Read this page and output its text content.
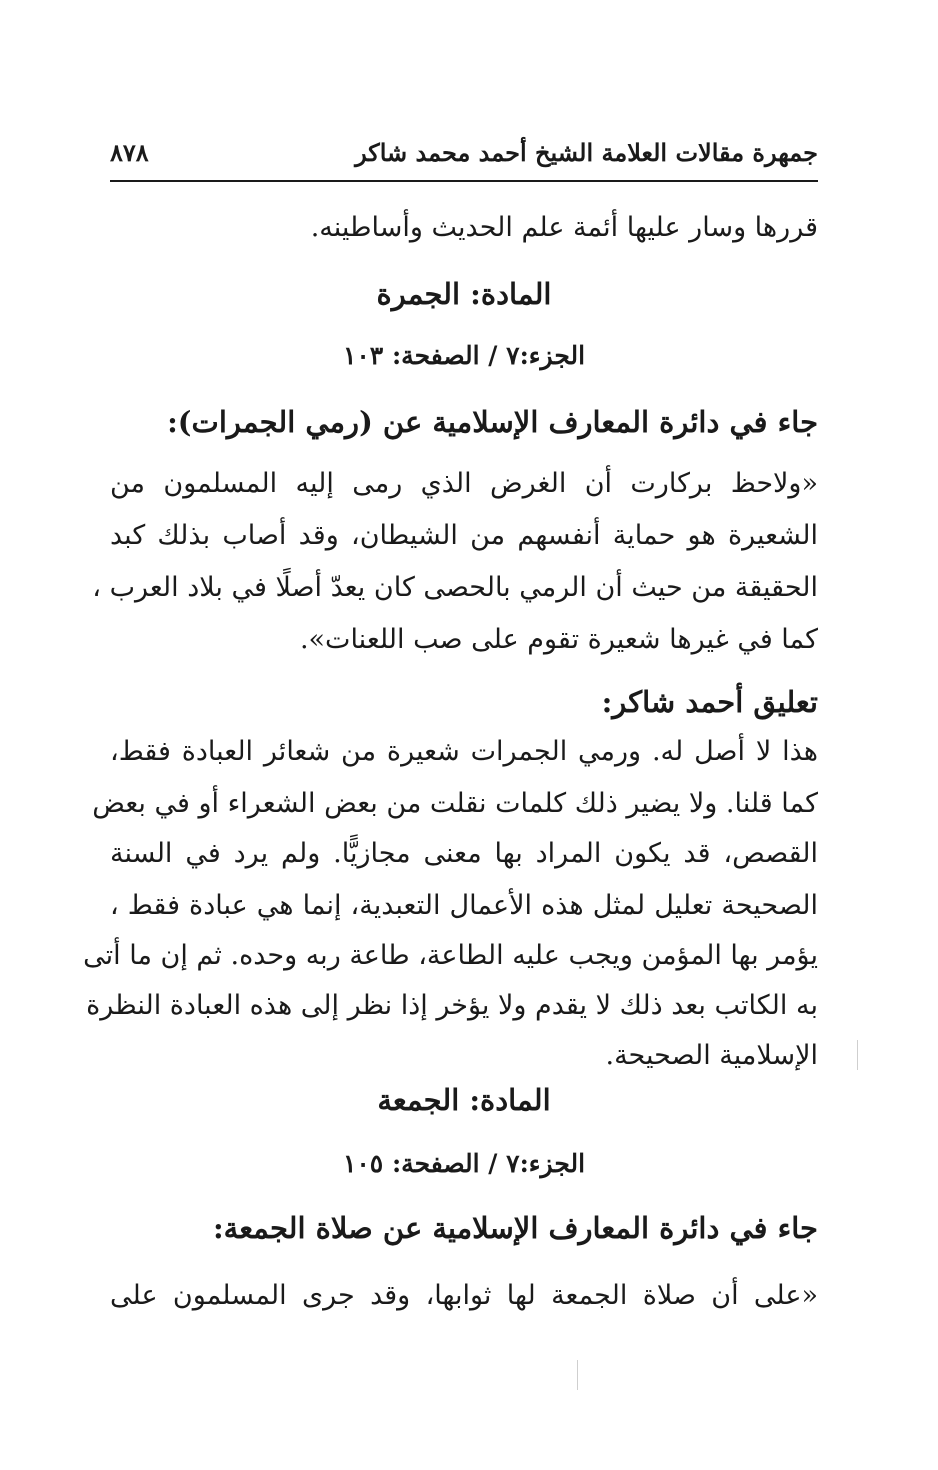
جمهرة مقالات العلامة الشيخ أحمد محمد شاكر
٨٧٨
قررها وسار عليها أئمة علم الحديث وأساطينه.
المادة: الجمرة
الجزء:٧ / الصفحة: ١٠٣
جاء في دائرة المعارف الإسلامية عن (رمي الجمرات):
«ولاحظ بركارت أن الغرض الذي رمى إليه المسلمون من
الشعيرة هو حماية أنفسهم من الشيطان، وقد أصاب بذلك كبد
الحقيقة من حيث أن الرمي بالحصى كان يعدّ أصلًا في بلاد العرب ،
كما في غيرها شعيرة تقوم على صب اللعنات».
تعليق أحمد شاكر:
هذا لا أصل له. ورمي الجمرات شعيرة من شعائر العبادة فقط،
كما قلنا. ولا يضير ذلك كلمات نقلت من بعض الشعراء أو في بعض
القصص، قد يكون المراد بها معنى مجازيًّا. ولم يرد في السنة
الصحيحة تعليل لمثل هذه الأعمال التعبدية، إنما هي عبادة فقط ،
يؤمر بها المؤمن ويجب عليه الطاعة، طاعة ربه وحده. ثم إن ما أتى
به الكاتب بعد ذلك لا يقدم ولا يؤخر إذا نظر إلى هذه العبادة النظرة
الإسلامية الصحيحة.
المادة: الجمعة
الجزء:٧ / الصفحة: ١٠٥
جاء في دائرة المعارف الإسلامية عن صلاة الجمعة:
«على أن صلاة الجمعة لها ثوابها، وقد جرى المسلمون على
